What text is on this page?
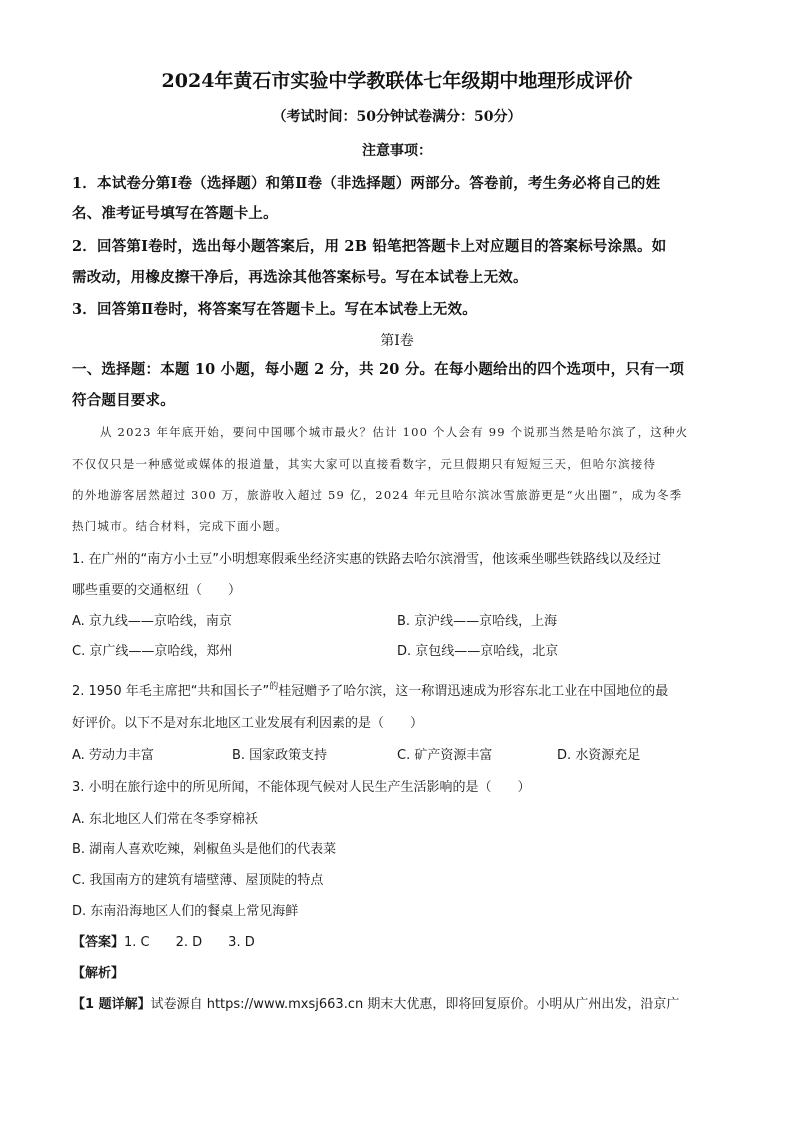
2024年黄石市实验中学教联体七年级期中地理形成评价
（考试时间：50分钟试卷满分：50分）
注意事项：
1．本试卷分第Ⅰ卷（选择题）和第Ⅱ卷（非选择题）两部分。答卷前，考生务必将自己的姓
名、准考证号填写在答题卡上。
2．回答第Ⅰ卷时，选出每小题答案后，用 2B 铅笔把答题卡上对应题目的答案标号涂黑。如
需改动，用橡皮擦干净后，再选涂其他答案标号。写在本试卷上无效。
3．回答第Ⅱ卷时，将答案写在答题卡上。写在本试卷上无效。
第Ⅰ卷
一、选择题：本题 10 小题，每小题 2 分，共 20 分。在每小题给出的四个选项中，只有一项
符合题目要求。
从 2023 年年底开始，要问中国哪个城市最火？估计 100 个人会有 99 个说那当然是哈尔滨了，这种火
不仅仅只是一种感觉或媒体的报道量，其实大家可以直接看数字，元旦假期只有短短三天，但哈尔滨接待
的外地游客居然超过 300 万，旅游收入超过 59 亿，2024 年元旦哈尔滨冰雪旅游更是“火出圈”，成为冬季
热门城市。结合材料，完成下面小题。
1. 在广州的“南方小土豆”小明想寒假乘坐经济实惠的铁路去哈尔滨滑雪，他该乘坐哪些铁路线以及经过
哪些重要的交通枢纽（　　）
A. 京九线——京哈线，南京	B. 京沪线——京哈线，上海
C. 京广线——京哈线，郑州	D. 京包线——京哈线，北京
2. 1950 年毛主席把“共和国长子”$^的$桂冠赠予了哈尔滨，这一称谓迅速成为形容东北工业在中国地位的最
好评价。以下不是对东北地区工业发展有利因素的是（　　）
A. 劳动力丰富	B. 国家政策支持	C. 矿产资源丰富	D. 水资源充足
3. 小明在旅行途中的所见所闻，不能体现气候对人民生产生活影响的是（　　）
A. 东北地区人们常在冬季穿棉袄
B. 湖南人喜欢吃辣，剁椒鱼头是他们的代表菜
C. 我国南方的建筑有墙壁薄、屋顶陡的特点
D. 东南沿海地区人们的餐桌上常见海鲜
【答案】1. C　　2. D　　3. D
【解析】
【1 题详解】试卷源自 https://www.mxsj663.cn 期末大优惠，即将回复原价。小明从广州出发，沿京广
